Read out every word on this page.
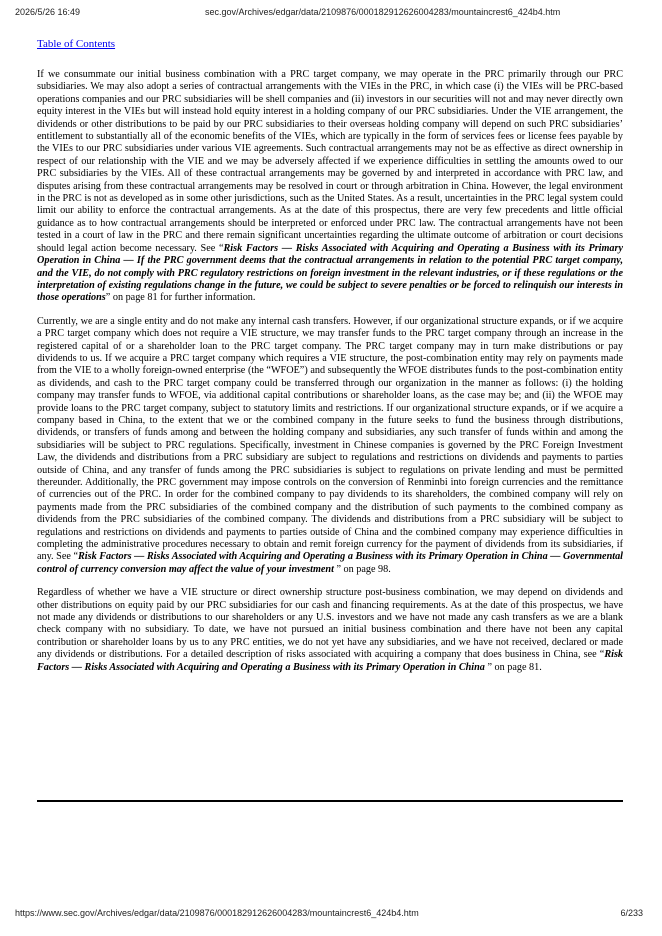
2026/5/26 16:49	sec.gov/Archives/edgar/data/2109876/000182912626004283/mountaincrest6_424b4.htm
Table of Contents

If we consummate our initial business combination with a PRC target company, we may operate in the PRC primarily through our PRC subsidiaries. We may also adopt a series of contractual arrangements with the VIEs in the PRC, in which case (i) the VIEs will be PRC-based operations companies and our PRC subsidiaries will be shell companies and (ii) investors in our securities will not and may never directly own equity interest in the VIEs but will instead hold equity interest in a holding company of our PRC subsidiaries. Under the VIE arrangement, the dividends or other distributions to be paid by our PRC subsidiaries to their overseas holding company will depend on such PRC subsidiaries’ entitlement to substantially all of the economic benefits of the VIEs, which are typically in the form of services fees or license fees payable by the VIEs to our PRC subsidiaries under various VIE agreements. Such contractual arrangements may not be as effective as direct ownership in respect of our relationship with the VIE and we may be adversely affected if we experience difficulties in settling the amounts owed to our PRC subsidiaries by the VIEs. All of these contractual arrangements may be governed by and interpreted in accordance with PRC law, and disputes arising from these contractual arrangements may be resolved in court or through arbitration in China. However, the legal environment in the PRC is not as developed as in some other jurisdictions, such as the United States. As a result, uncertainties in the PRC legal system could limit our ability to enforce the contractual arrangements. As at the date of this prospectus, there are very few precedents and little official guidance as to how contractual arrangements should be interpreted or enforced under PRC law. The contractual arrangements have not been tested in a court of law in the PRC and there remain significant uncertainties regarding the ultimate outcome of arbitration or court decisions should legal action become necessary. See “Risk Factors — Risks Associated with Acquiring and Operating a Business with its Primary Operation in China — If the PRC government deems that the contractual arrangements in relation to the potential PRC target company, and the VIE, do not comply with PRC regulatory restrictions on foreign investment in the relevant industries, or if these regulations or the interpretation of existing regulations change in the future, we could be subject to severe penalties or be forced to relinquish our interests in those operations” on page 81 for further information.

Currently, we are a single entity and do not make any internal cash transfers. However, if our organizational structure expands, or if we acquire a PRC target company which does not require a VIE structure, we may transfer funds to the PRC target company through an increase in the registered capital of or a shareholder loan to the PRC target company. The PRC target company may in turn make distributions or pay dividends to us. If we acquire a PRC target company which requires a VIE structure, the post-combination entity may rely on payments made from the VIE to a wholly foreign-owned enterprise (the “WFOE”) and subsequently the WFOE distributes funds to the post-combination entity as dividends, and cash to the PRC target company could be transferred through our organization in the manner as follows: (i) the holding company may transfer funds to WFOE, via additional capital contributions or shareholder loans, as the case may be; and (ii) the WFOE may provide loans to the PRC target company, subject to statutory limits and restrictions. If our organizational structure expands, or if we acquire a company based in China, to the extent that we or the combined company in the future seeks to fund the business through distributions, dividends, or transfers of funds among and between the holding company and subsidiaries, any such transfer of funds within and among the subsidiaries will be subject to PRC regulations. Specifically, investment in Chinese companies is governed by the PRC Foreign Investment Law, the dividends and distributions from a PRC subsidiary are subject to regulations and restrictions on dividends and payments to parties outside of China, and any transfer of funds among the PRC subsidiaries is subject to regulations on private lending and must be permitted thereunder. Additionally, the PRC government may impose controls on the conversion of Renminbi into foreign currencies and the remittance of currencies out of the PRC. In order for the combined company to pay dividends to its shareholders, the combined company will rely on payments made from the PRC subsidiaries of the combined company and the distribution of such payments to the combined company as dividends from the PRC subsidiaries of the combined company. The dividends and distributions from a PRC subsidiary will be subject to regulations and restrictions on dividends and payments to parties outside of China and the combined company may experience difficulties in completing the administrative procedures necessary to obtain and remit foreign currency for the payment of dividends from its subsidiaries, if any. See “Risk Factors — Risks Associated with Acquiring and Operating a Business with its Primary Operation in China — Governmental control of currency conversion may affect the value of your investment ” on page 98.

Regardless of whether we have a VIE structure or direct ownership structure post-business combination, we may depend on dividends and other distributions on equity paid by our PRC subsidiaries for our cash and financing requirements. As at the date of this prospectus, we have not made any dividends or distributions to our shareholders or any U.S. investors and we have not made any cash transfers as we are a blank check company with no subsidiary. To date, we have not pursued an initial business combination and there have not been any capital contribution or shareholder loans by us to any PRC entities, we do not yet have any subsidiaries, and we have not received, declared or made any dividends or distributions. For a detailed description of risks associated with acquiring a company that does business in China, see “Risk Factors — Risks Associated with Acquiring and Operating a Business with its Primary Operation in China ” on page 81.

https://www.sec.gov/Archives/edgar/data/2109876/000182912626004283/mountaincrest6_424b4.htm	6/233
